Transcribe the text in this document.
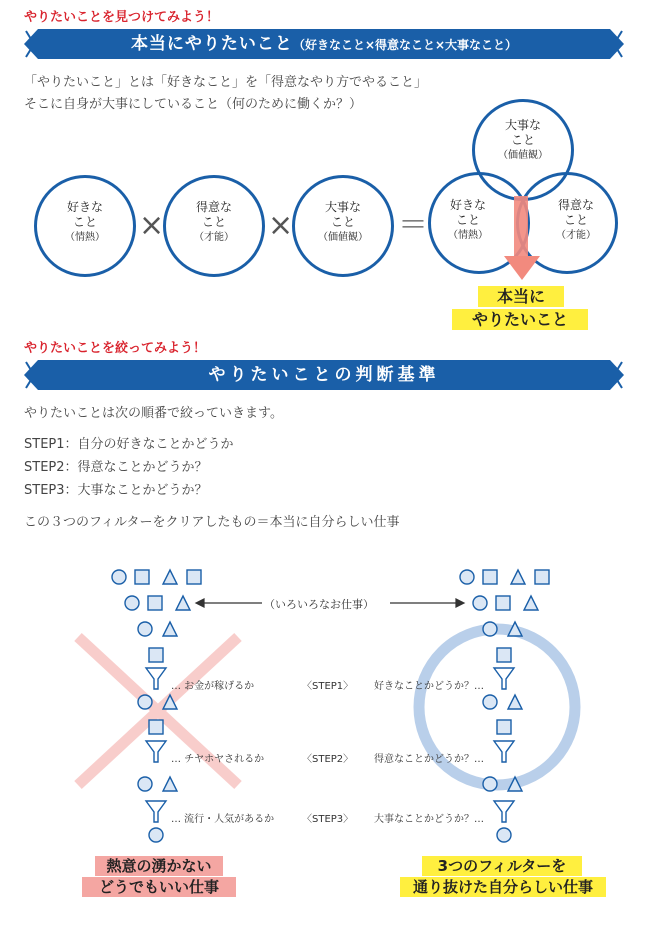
やりたいことを見つけてみよう！
本当にやりたいこと（好きなこと×得意なこと×大事なこと）
「やりたいこと」とは「好きなこと」を「得意なやり方でやること」
そこに自身が大事にしていること（何のために働くか？）
好きな
こと
（情熱）	×
得意な
こと
（才能）	×
大事な
こと
（価値観）	＝
大事な
こと
（価値観）
好きな
こと
（情熱）
得意な
こと
（才能）
本当に
やりたいこと
やりたいことを絞ってみよう！
やりたいことの判断基準
やりたいことは次の順番で絞っていきます。
STEP1：自分の好きなことかどうか
STEP2：得意なことかどうか？
STEP3：大事なことかどうか？
この３つのフィルターをクリアしたもの＝本当に自分らしい仕事
（いろいろなお仕事）
… お金が稼げるか
… チヤホヤされるか
… 流行・人気があるか
〈STEP1〉
〈STEP2〉
〈STEP3〉
好きなことかどうか？…
得意なことかどうか？…
大事なことかどうか？…
熱意の湧かない
どうでもいい仕事
3つのフィルターを
通り抜けた自分らしい仕事
